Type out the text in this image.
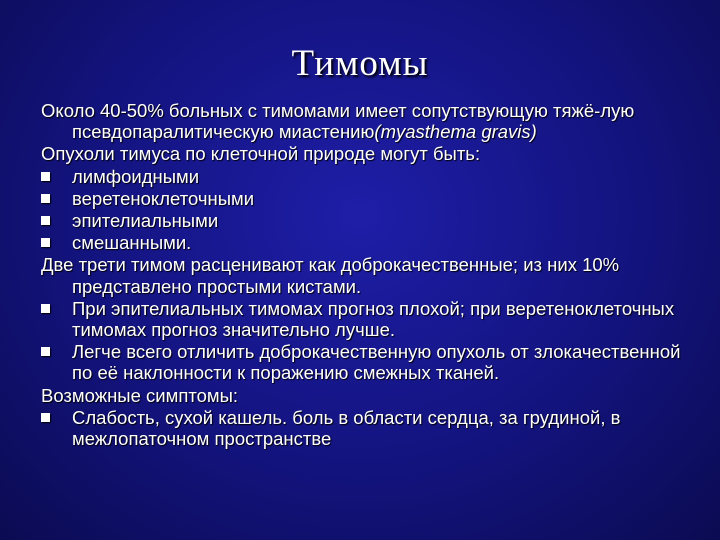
Тимомы

Около 40-50% больных с тимомами имеет сопутствующую тяжё-лую псевдопаралитическую миастению(myasthema gravis)

Опухоли тимуса по клеточной природе могут быть:

лимфоидными
веретеноклеточными
эпителиальными
смешанными.

Две трети тимом расценивают как доброкачественные; из них 10% представлено простыми кистами.

При эпителиальных тимомах прогноз плохой; при веретеноклеточных тимомах прогноз значительно лучше.
Легче всего отличить доброкачественную опухоль от злокачественной по её наклонности к поражению смежных тканей.

Возможные симптомы:

Слабость, сухой кашель. боль в области сердца, за грудиной, в межлопаточном пространстве
